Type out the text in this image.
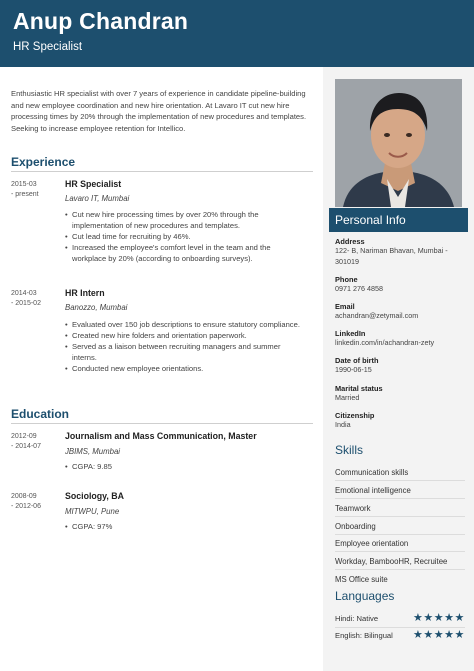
Anup Chandran
HR Specialist

Enthusiastic HR specialist with over 7 years of experience in candidate pipeline-building and new employee coordination and new hire orientation. At Lavaro IT cut new hire processing times by 20% through the implementation of new procedures and templates. Seeking to increase employee retention for Intellico.

Experience
2015-03
- present
HR Specialist
Lavaro IT, Mumbai
• Cut new hire processing times by over 20% through the implementation of new procedures and templates.
• Cut lead time for recruiting by 46%.
• Increased the employee's comfort level in the team and the workplace by 20% (according to onboarding surveys).
2014-03
- 2015-02
HR Intern
Banozzo, Mumbai
• Evaluated over 150 job descriptions to ensure statutory compliance.
• Created new hire folders and orientation paperwork.
• Served as a liaison between recruiting managers and summer interns.
• Conducted new employee orientations.
Education
2012-09
- 2014-07
Journalism and Mass Communication, Master
JBIMS, Mumbai
• CGPA: 9.85
2008-09
- 2012-06
Sociology, BA
MITWPU, Pune
• CGPA: 97%
Personal Info
Address
122- B, Nariman Bhavan, Mumbai - 301019
Phone
0971 276 4858
Email
achandran@zetymail.com
LinkedIn
linkedin.com/in/achandran-zety
Date of birth
1990-06-15
Marital status
Married
Citizenship
India
Skills
Communication skills
Emotional intelligence
Teamwork
Onboarding
Employee orientation
Workday, BambooHR, Recruitee
MS Office suite
Languages
Hindi: Native	★★★★★
English: Bilingual ★★★★★
